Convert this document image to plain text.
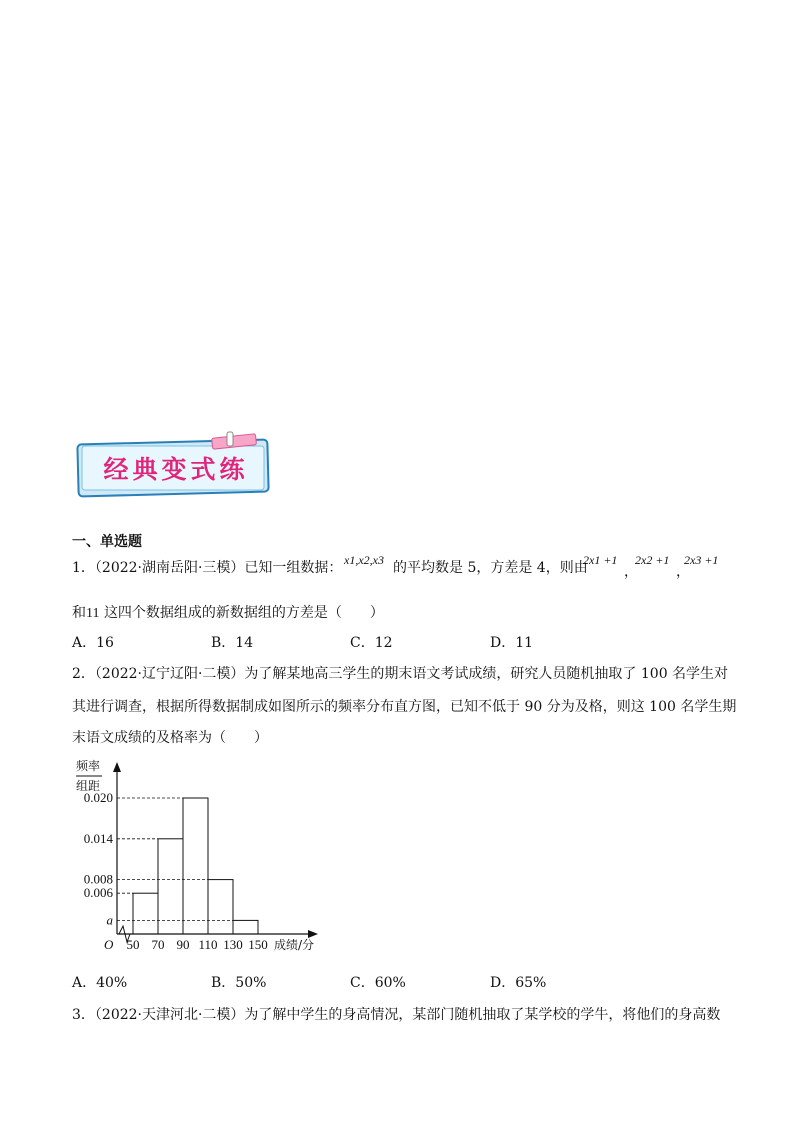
经典变式练
一、单选题
1．（2022·湖南岳阳·三模）已知一组数据： x1,x2,x3 的平均数是 5，方差是 4，则由
2x1 +1
，
2x2 +1
，
2x3 +1
和11 这四个数据组成的新数据组的方差是（　　）
A．16	B．14	C．12	D．11
2．（2022·辽宁辽阳·二模）为了解某地高三学生的期末语文考试成绩，研究人员随机抽取了 100 名学生对
其进行调查，根据所得数据制成如图所示的频率分布直方图，已知不低于 90 分为及格，则这 100 名学生期
末语文成绩的及格率为（　　）
a
0.006
0.008
0.014
0.020
50 70 90 110 130 150
频率
组距
O	成绩/分
A．40%	B．50%	C．60%	D．65%
3．（2022·天津河北·二模）为了解中学生的身高情况，某部门随机抽取了某学校的学牛，将他们的身高数
